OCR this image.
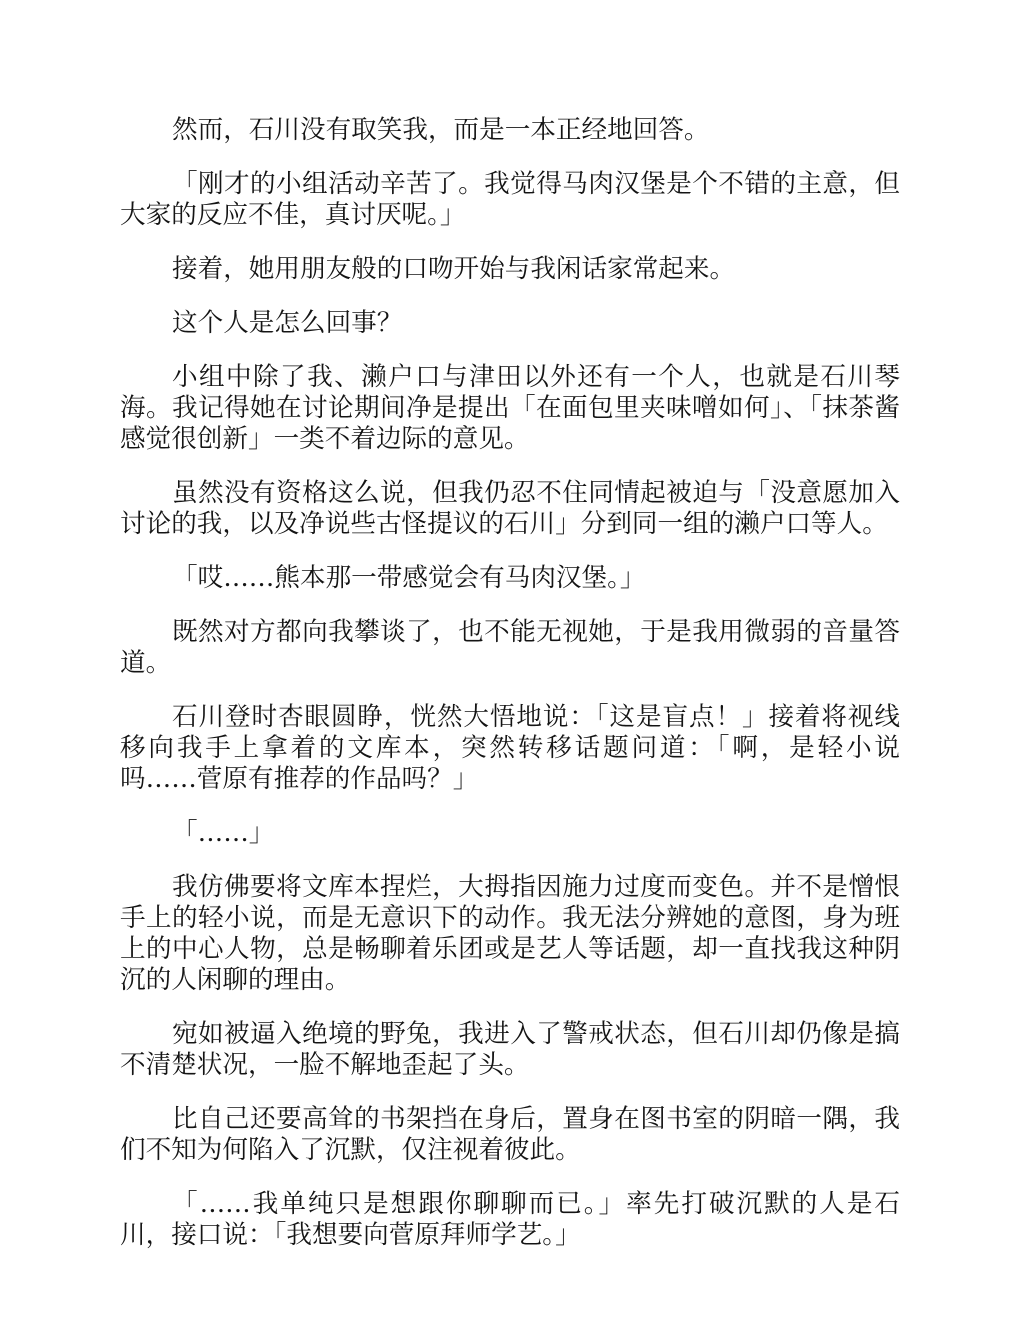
然而，石川没有取笑我，而是一本正经地回答。

「刚才的小组活动辛苦了。我觉得马肉汉堡是个不错的主意，但大家的反应不佳，真讨厌呢。」

接着，她用朋友般的口吻开始与我闲话家常起来。

这个人是怎么回事？

小组中除了我、濑户口与津田以外还有一个人，也就是石川琴海。我记得她在讨论期间净是提出「在面包里夹味噌如何」、「抹茶酱感觉很创新」一类不着边际的意见。

虽然没有资格这么说，但我仍忍不住同情起被迫与「没意愿加入讨论的我，以及净说些古怪提议的石川」分到同一组的濑户口等人。

「哎……熊本那一带感觉会有马肉汉堡。」

既然对方都向我攀谈了，也不能无视她，于是我用微弱的音量答道。

石川登时杏眼圆睁，恍然大悟地说：「这是盲点！」接着将视线移向我手上拿着的文库本，突然转移话题问道：「啊，是轻小说吗……菅原有推荐的作品吗？」

「……」

我仿佛要将文库本捏烂，大拇指因施力过度而变色。并不是憎恨手上的轻小说，而是无意识下的动作。我无法分辨她的意图，身为班上的中心人物，总是畅聊着乐团或是艺人等话题，却一直找我这种阴沉的人闲聊的理由。

宛如被逼入绝境的野兔，我进入了警戒状态，但石川却仍像是搞不清楚状况，一脸不解地歪起了头。

比自己还要高耸的书架挡在身后，置身在图书室的阴暗一隅，我们不知为何陷入了沉默，仅注视着彼此。

「……我单纯只是想跟你聊聊而已。」率先打破沉默的人是石川，接口说：「我想要向菅原拜师学艺。」
